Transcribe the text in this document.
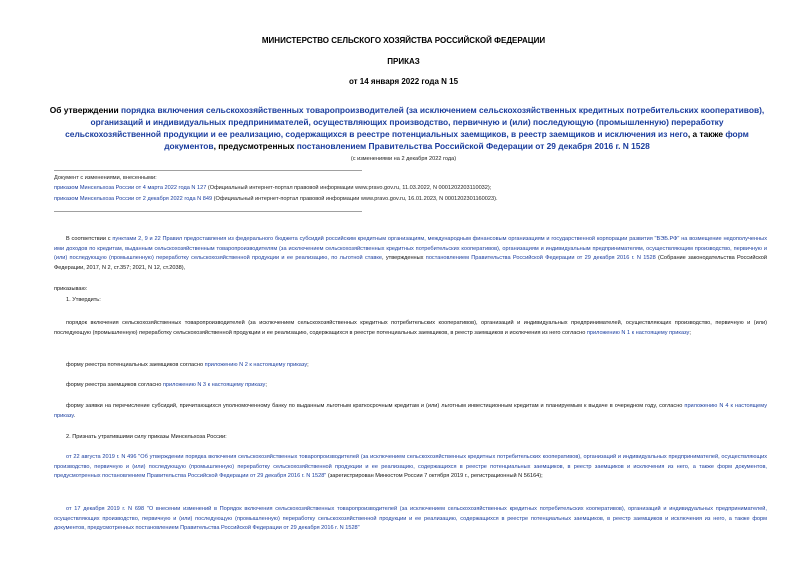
МИНИСТЕРСТВО СЕЛЬСКОГО ХОЗЯЙСТВА РОССИЙСКОЙ ФЕДЕРАЦИИ
ПРИКАЗ
от 14 января 2022 года N 15
Об утверждении порядка включения сельскохозяйственных товаропроизводителей (за исключением сельскохозяйственных кредитных потребительских кооперативов), организаций и индивидуальных предпринимателей, осуществляющих производство, первичную и (или) последующую (промышленную) переработку сельскохозяйственной продукции и ее реализацию, содержащихся в реестре потенциальных заемщиков, в реестр заемщиков и исключения из него, а также форм документов, предусмотренных постановлением Правительства Российской Федерации от 29 декабря 2016 г. N 1528
(с изменениями на 2 декабря 2022 года)
Документ с изменениями, внесенными:
приказом Минсельхоза России от 4 марта 2022 года N 127 (Официальный интернет-портал правовой информации www.pravo.gov.ru, 11.03.2022, N 0001202203110032);
приказом Минсельхоза России от 2 декабря 2022 года N 849 (Официальный интернет-портал правовой информации www.pravo.gov.ru, 16.01.2023, N 0001202301160023).
В соответствии с пунктами 2, 9 и 22 Правил предоставления из федерального бюджета субсидий российским кредитным организациям, международным финансовым организациям и государственной корпорации развития "ВЭБ.РФ" на возмещение недополученных ими доходов по кредитам, выданным сельскохозяйственным товаропроизводителям (за исключением сельскохозяйственных кредитных потребительских кооперативов), организациям и индивидуальным предпринимателям, осуществляющим производство, первичную и (или) последующую (промышленную) переработку сельскохозяйственной продукции и ее реализацию, по льготной ставке, утвержденных постановлением Правительства Российской Федерации от 29 декабря 2016 г. N 1528 (Собрание законодательства Российской Федерации, 2017, N 2, ст.357; 2021, N 12, ст.2038),
приказываю:
1. Утвердить:
порядок включения сельскохозяйственных товаропроизводителей (за исключением сельскохозяйственных кредитных потребительских кооперативов), организаций и индивидуальных предпринимателей, осуществляющих производство, первичную и (или) последующую (промышленную) переработку сельскохозяйственной продукции и ее реализацию, содержащихся в реестре потенциальных заемщиков, в реестр заемщиков и исключения из него согласно приложению N 1 к настоящему приказу;
форму реестра потенциальных заемщиков согласно приложению N 2 к настоящему приказу;
форму реестра заемщиков согласно приложению N 3 к настоящему приказу;
форму заявки на перечисление субсидий, причитающихся уполномоченному банку по выданным льготным краткосрочным кредитам и (или) льготным инвестиционным кредитам и планируемым к выдаче в очередном году, согласно приложению N 4 к настоящему приказу.
2. Признать утратившими силу приказы Минсельхоза России:
от 22 августа 2019 г. N 496 "Об утверждении порядка включения сельскохозяйственных товаропроизводителей (за исключением сельскохозяйственных кредитных потребительских кооперативов), организаций и индивидуальных предпринимателей, осуществляющих производство, первичную и (или) последующую (промышленную) переработку сельскохозяйственной продукции и ее реализацию, содержащихся в реестре потенциальных заемщиков, в реестр заемщиков и исключения из него, а также форм документов, предусмотренных постановлением Правительства Российской Федерации от 29 декабря 2016 г. N 1528" (зарегистрирован Минюстом России 7 октября 2019 г., регистрационный N 56164);
от 17 декабря 2019 г. N 698 "О внесении изменений в Порядок включения сельскохозяйственных товаропроизводителей (за исключением сельскохозяйственных кредитных потребительских кооперативов), организаций и индивидуальных предпринимателей, осуществляющих производство, первичную и (или) последующую (промышленную) переработку сельскохозяйственной продукции и ее реализацию, содержащихся в реестре потенциальных заемщиков, в реестр заемщиков и исключения из него, а также форм документов, предусмотренных постановлением Правительства Российской Федерации от 29 декабря 2016 г. N 1528"
